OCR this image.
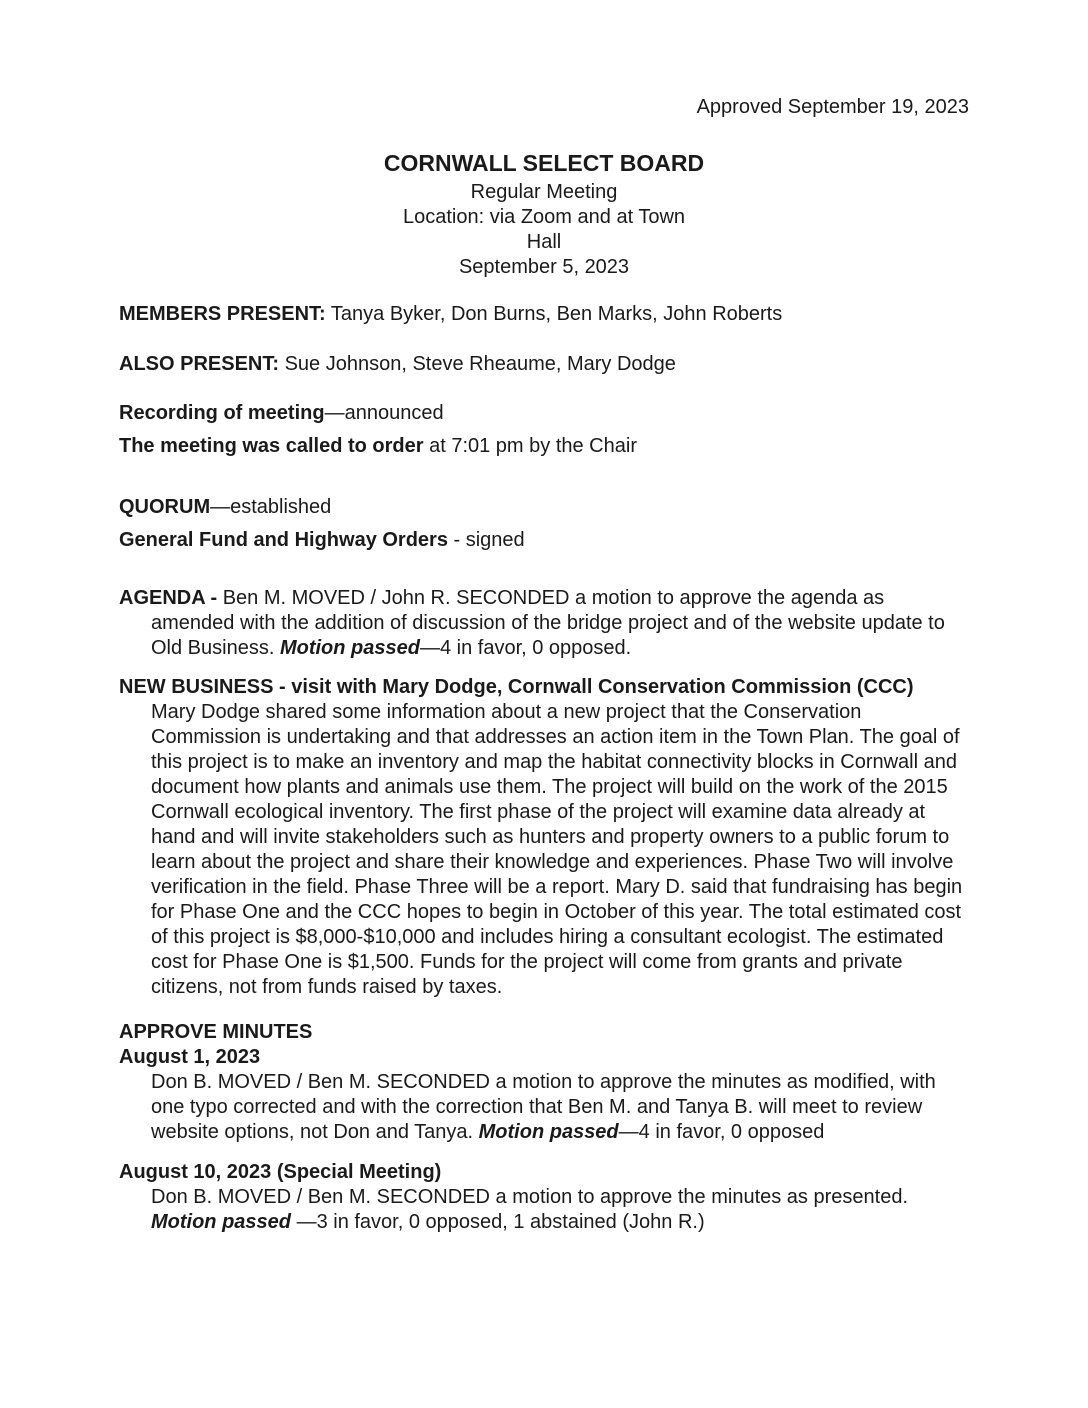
Approved September 19, 2023
CORNWALL SELECT BOARD
Regular Meeting
Location: via Zoom and at Town Hall
September 5, 2023

MEMBERS PRESENT: Tanya Byker, Don Burns, Ben Marks, John Roberts

ALSO PRESENT: Sue Johnson, Steve Rheaume, Mary Dodge

Recording of meeting—announced

The meeting was called to order at 7:01 pm by the Chair

QUORUM—established

General Fund and Highway Orders - signed

AGENDA - Ben M. MOVED / John R. SECONDED a motion to approve the agenda as amended with the addition of discussion of the bridge project and of the website update to Old Business. Motion passed—4 in favor, 0 opposed.

NEW BUSINESS - visit with Mary Dodge, Cornwall Conservation Commission (CCC)

Mary Dodge shared some information about a new project that the Conservation Commission is undertaking and that addresses an action item in the Town Plan. The goal of this project is to make an inventory and map the habitat connectivity blocks in Cornwall and document how plants and animals use them. The project will build on the work of the 2015 Cornwall ecological inventory. The first phase of the project will examine data already at hand and will invite stakeholders such as hunters and property owners to a public forum to learn about the project and share their knowledge and experiences. Phase Two will involve verification in the field. Phase Three will be a report. Mary D. said that fundraising has begin for Phase One and the CCC hopes to begin in October of this year. The total estimated cost of this project is $8,000-$10,000 and includes hiring a consultant ecologist. The estimated cost for Phase One is $1,500. Funds for the project will come from grants and private citizens, not from funds raised by taxes.

APPROVE MINUTES

August 1, 2023

Don B. MOVED / Ben M. SECONDED a motion to approve the minutes as modified, with one typo corrected and with the correction that Ben M. and Tanya B. will meet to review website options, not Don and Tanya. Motion passed—4 in favor, 0 opposed

August 10, 2023 (Special Meeting)

Don B. MOVED / Ben M. SECONDED a motion to approve the minutes as presented.
Motion passed —3 in favor, 0 opposed, 1 abstained (John R.)
